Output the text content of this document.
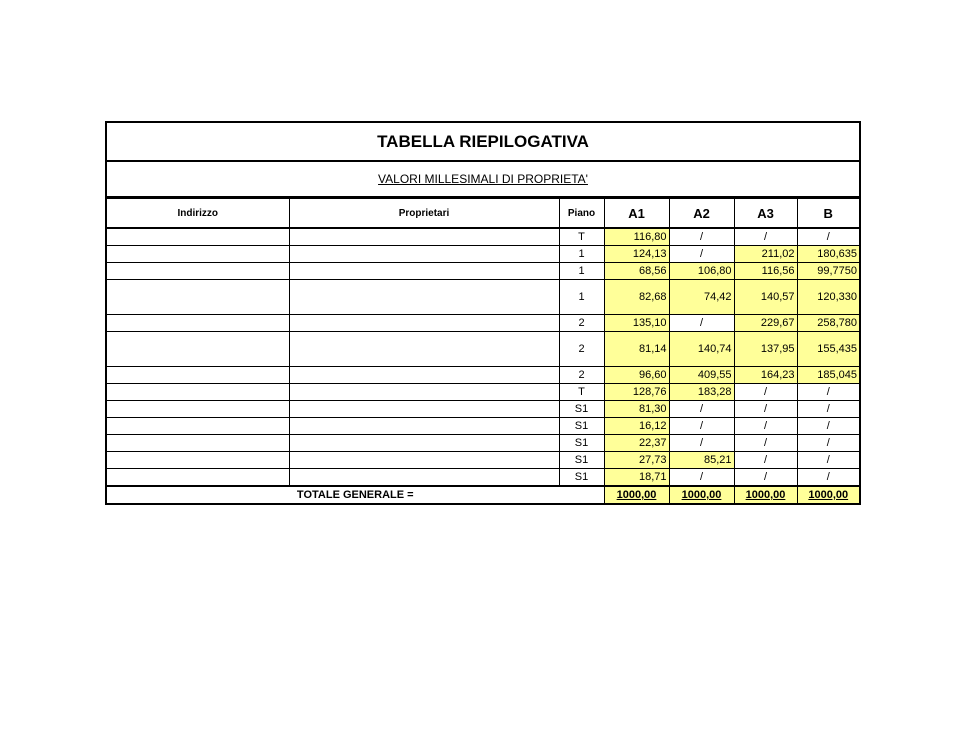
TABELLA RIEPILOGATIVA
VALORI MILLESIMALI DI PROPRIETA'
Indirizzo	Proprietari	Piano	A1	A2	A3	B
		T	116,80	/	/	/
		1	124,13	/	211,02	180,635
		1	68,56	106,80	116,56	99,7750
		1	82,68	74,42	140,57	120,330
		2	135,10	/	229,67	258,780
		2	81,14	140,74	137,95	155,435
		2	96,60	409,55	164,23	185,045
		T	128,76	183,28	/	/
		S1	81,30	/	/	/
		S1	16,12	/	/	/
		S1	22,37	/	/	/
		S1	27,73	85,21	/	/
		S1	18,71	/	/	/
TOTALE GENERALE =			1000,00	1000,00	1000,00	1000,00
